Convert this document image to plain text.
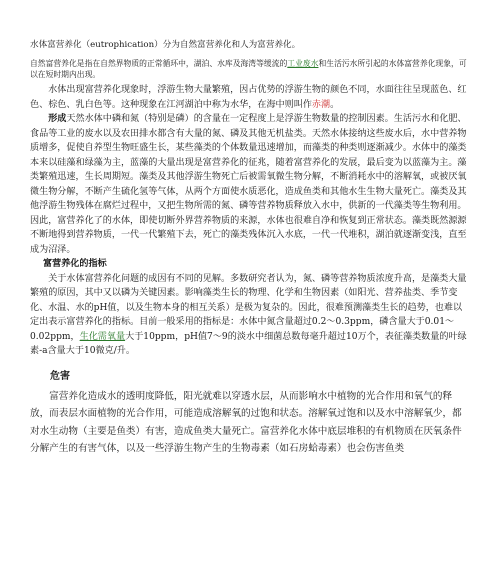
水体富营养化（eutrophication）分为自然富营养化和人为富营养化。

自然富营养化是指在自然界物质的正常循环中，湖泊、水库及海湾等缓流的工业废水和生活污水所引起的水体富营养化现象，可以在短时期内出现。

水体出现富营养化现象时，浮游生物大量繁殖，因占优势的浮游生物的颜色不同，水面往往呈现蓝色、红色、棕色、乳白色等。这种现象在江河湖泊中称为水华，在海中则叫作赤潮。

形成天然水体中磷和氮（特别是磷）的含量在一定程度上是浮游生物数量的控制因素。生活污水和化肥、食品等工业的废水以及农田排水都含有大量的氮、磷及其他无机盐类。天然水体接纳这些废水后，水中营养物质增多，促使自养型生物旺盛生长，某些藻类的个体数量迅速增加，而藻类的种类则逐渐减少。水体中的藻类本来以硅藻和绿藻为主，蓝藻的大量出现是富营养化的征兆，随着富营养化的发展，最后变为以蓝藻为主。藻类繁殖迅速，生长周期短。藻类及其他浮游生物死亡后被需氧微生物分解，不断消耗水中的溶解氧，或被厌氧微生物分解，不断产生硫化氢等气体，从两个方面使水质恶化，造成鱼类和其他水生生物大量死亡。藻类及其他浮游生物残体在腐烂过程中，又把生物所需的氮、磷等营养物质释放入水中，供新的一代藻类等生物利用。因此，富营养化了的水体，即使切断外界营养物质的来源，水体也很难自净和恢复到正常状态。藻类既然源源不断地得到营养物质，一代一代繁殖下去，死亡的藻类残体沉入水底，一代一代堆积，湖泊就逐渐变浅，直至成为沼泽。

富营养化的指标

关于水体富营养化问题的成因有不同的见解。多数研究者认为，氮、磷等营养物质浓度升高，是藻类大量繁殖的原因，其中又以磷为关键因素。影响藻类生长的物理、化学和生物因素（如阳光、营养盐类、季节变化、水温、水的pH值，以及生物本身的相互关系）是极为复杂的。因此，很难预测藻类生长的趋势，也难以定出表示富营养化的指标。目前一般采用的指标是：水体中氮含量超过0.2～0.3ppm，磷含量大于0.01～0.02ppm，生化需氧量大于10ppm，pH值7～9的淡水中细菌总数每毫升超过10万个，表征藻类数量的叶绿素-a含量大于10微克/升。

危害

富营养化造成水的透明度降低，阳光就难以穿透水层，从而影响水中植物的光合作用和氧气的释放，而表层水面植物的光合作用，可能造成溶解氧的过饱和状态。溶解氧过饱和以及水中溶解氧少，都对水生动物（主要是鱼类）有害，造成鱼类大量死亡。富营养化水体中底层堆积的有机物质在厌氧条件分解产生的有害气体，以及一些浮游生物产生的生物毒素（如石房蛤毒素）也会伤害鱼类
